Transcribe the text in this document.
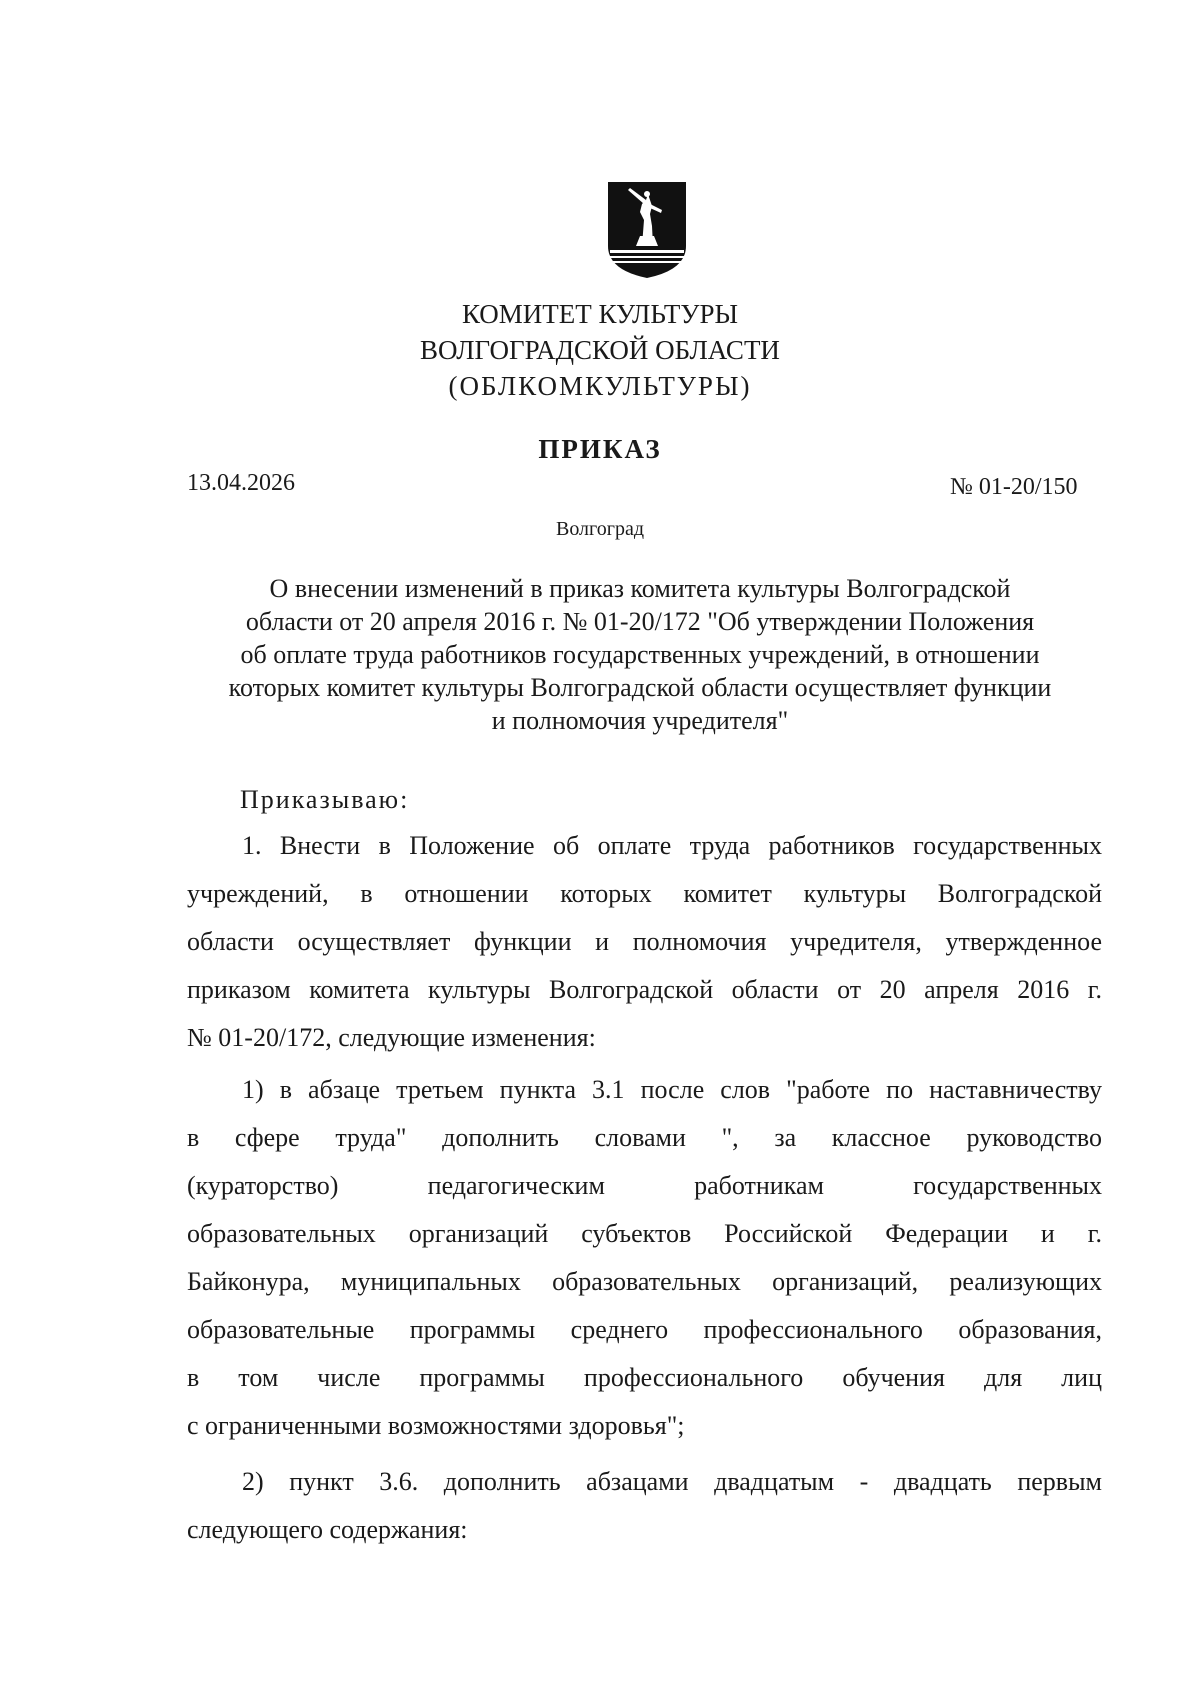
КОМИТЕТ КУЛЬТУРЫ
ВОЛГОГРАДСКОЙ ОБЛАСТИ
(ОБЛКОМКУЛЬТУРЫ)
ПРИКАЗ
13.04.2026	№ 01-20/150
Волгоград
О внесении изменений в приказ комитета культуры Волгоградской
области от 20 апреля 2016 г. № 01-20/172 "Об утверждении Положения
об оплате труда работников государственных учреждений, в отношении
которых комитет культуры Волгоградской области осуществляет функции
и полномочия учредителя"
Приказываю:
1. Внести в Положение об оплате труда работников государственных
учреждений, в отношении которых комитет культуры Волгоградской
области осуществляет функции и полномочия учредителя, утвержденное
приказом комитета культуры Волгоградской области от 20 апреля 2016 г.
№ 01-20/172, следующие изменения:
1) в абзаце третьем пункта 3.1 после слов "работе по наставничеству
в сфере труда" дополнить словами ", за классное руководство
(кураторство) педагогическим работникам государственных
образовательных организаций субъектов Российской Федерации и г.
Байконура, муниципальных образовательных организаций, реализующих
образовательные программы среднего профессионального образования,
в том числе программы профессионального обучения для лиц
с ограниченными возможностями здоровья";
2) пункт 3.6. дополнить абзацами двадцатым - двадцать первым
следующего содержания:
